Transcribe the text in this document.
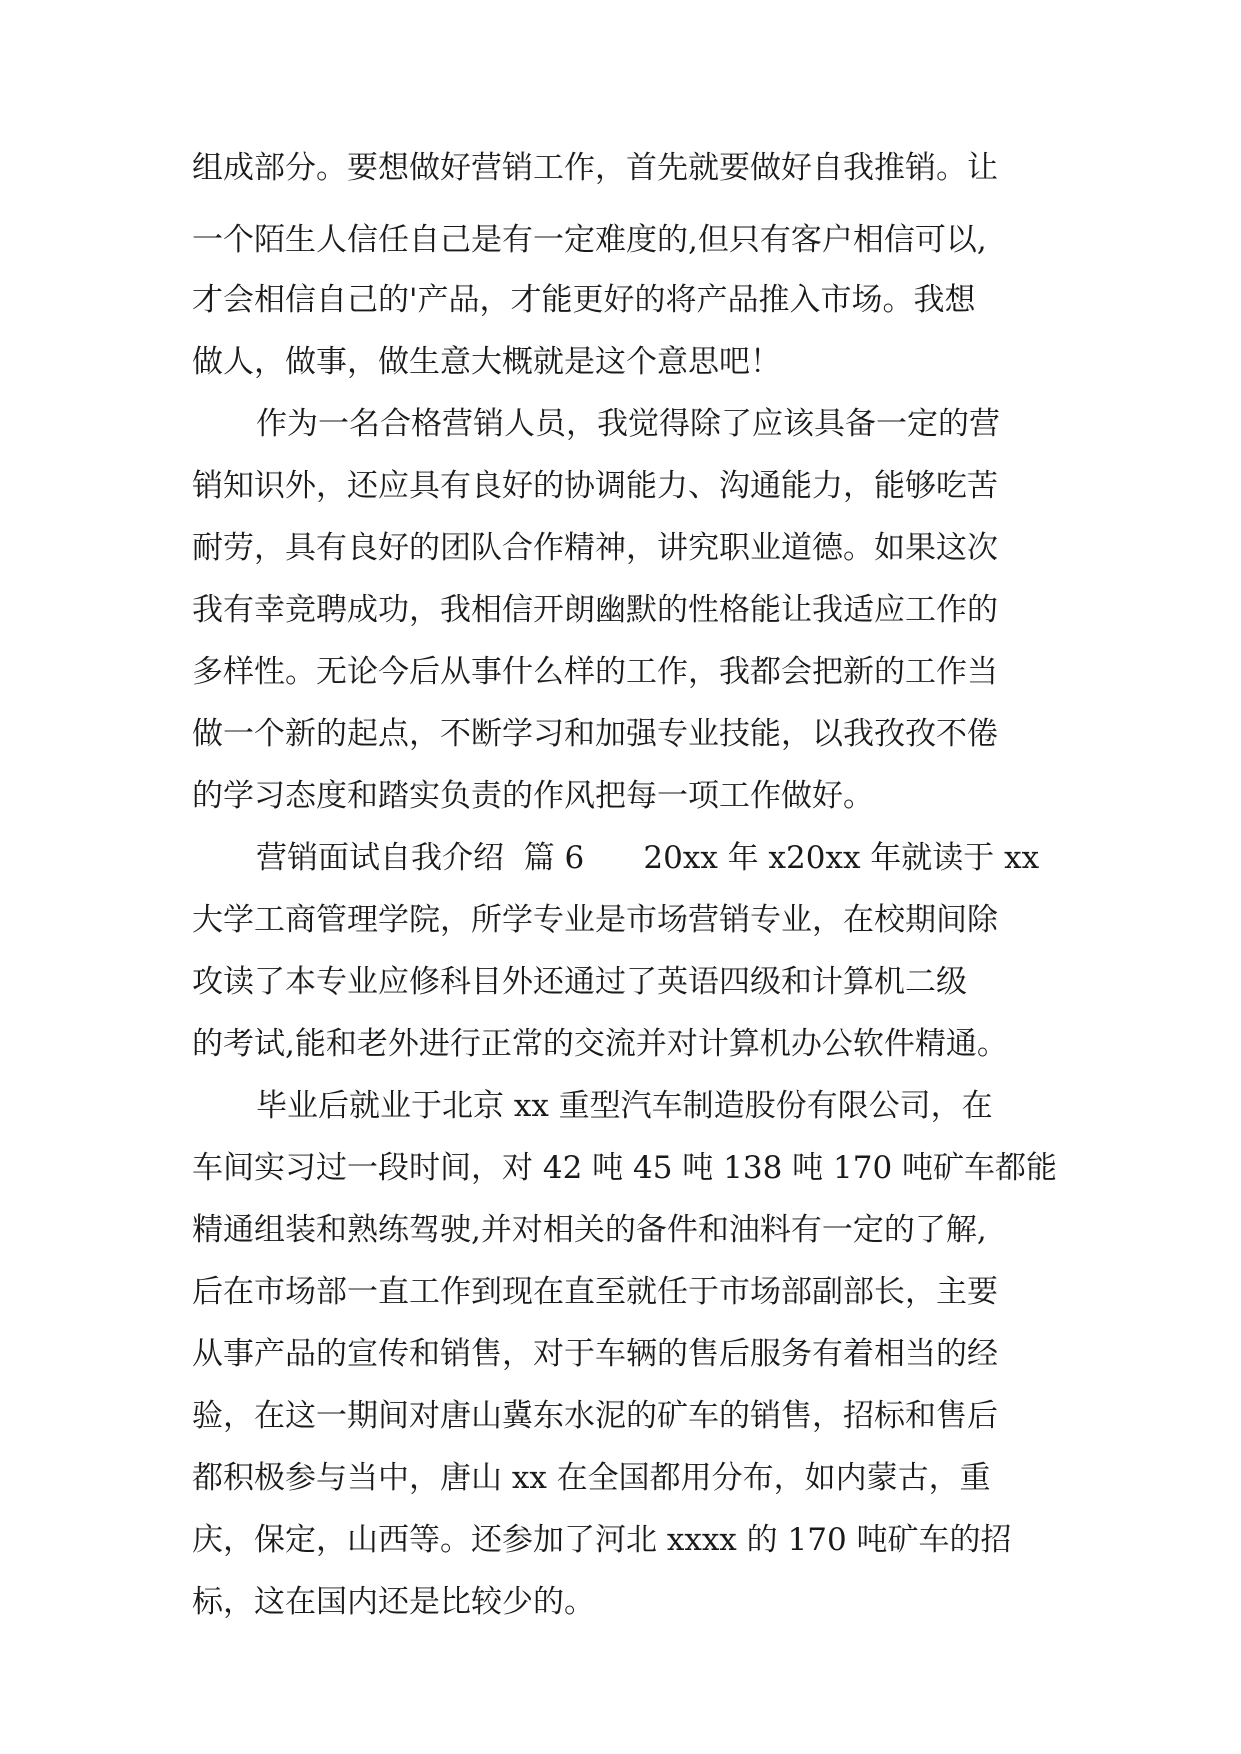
组成部分。要想做好营销工作，首先就要做好自我推销。让
一个陌生人信任自己是有一定难度的,但只有客户相信可以,
才会相信自己的'产品，才能更好的将产品推入市场。我想
做人，做事，做生意大概就是这个意思吧！
作为一名合格营销人员，我觉得除了应该具备一定的营
销知识外，还应具有良好的协调能力、沟通能力，能够吃苦
耐劳，具有良好的团队合作精神，讲究职业道德。如果这次
我有幸竞聘成功，我相信开朗幽默的性格能让我适应工作的
多样性。无论今后从事什么样的工作，我都会把新的工作当
做一个新的起点，不断学习和加强专业技能，以我孜孜不倦
的学习态度和踏实负责的作风把每一项工作做好。
营销面试自我介绍  篇 6      20xx 年 x20xx 年就读于 xx
大学工商管理学院，所学专业是市场营销专业，在校期间除
攻读了本专业应修科目外还通过了英语四级和计算机二级
的考试,能和老外进行正常的交流并对计算机办公软件精通。
毕业后就业于北京 xx 重型汽车制造股份有限公司，在
车间实习过一段时间，对 42 吨 45 吨 138 吨 170 吨矿车都能
精通组装和熟练驾驶,并对相关的备件和油料有一定的了解,
后在市场部一直工作到现在直至就任于市场部副部长，主要
从事产品的宣传和销售，对于车辆的售后服务有着相当的经
验，在这一期间对唐山冀东水泥的矿车的销售，招标和售后
都积极参与当中，唐山 xx 在全国都用分布，如内蒙古，重
庆，保定，山西等。还参加了河北 xxxx 的 170 吨矿车的招
标，这在国内还是比较少的。
